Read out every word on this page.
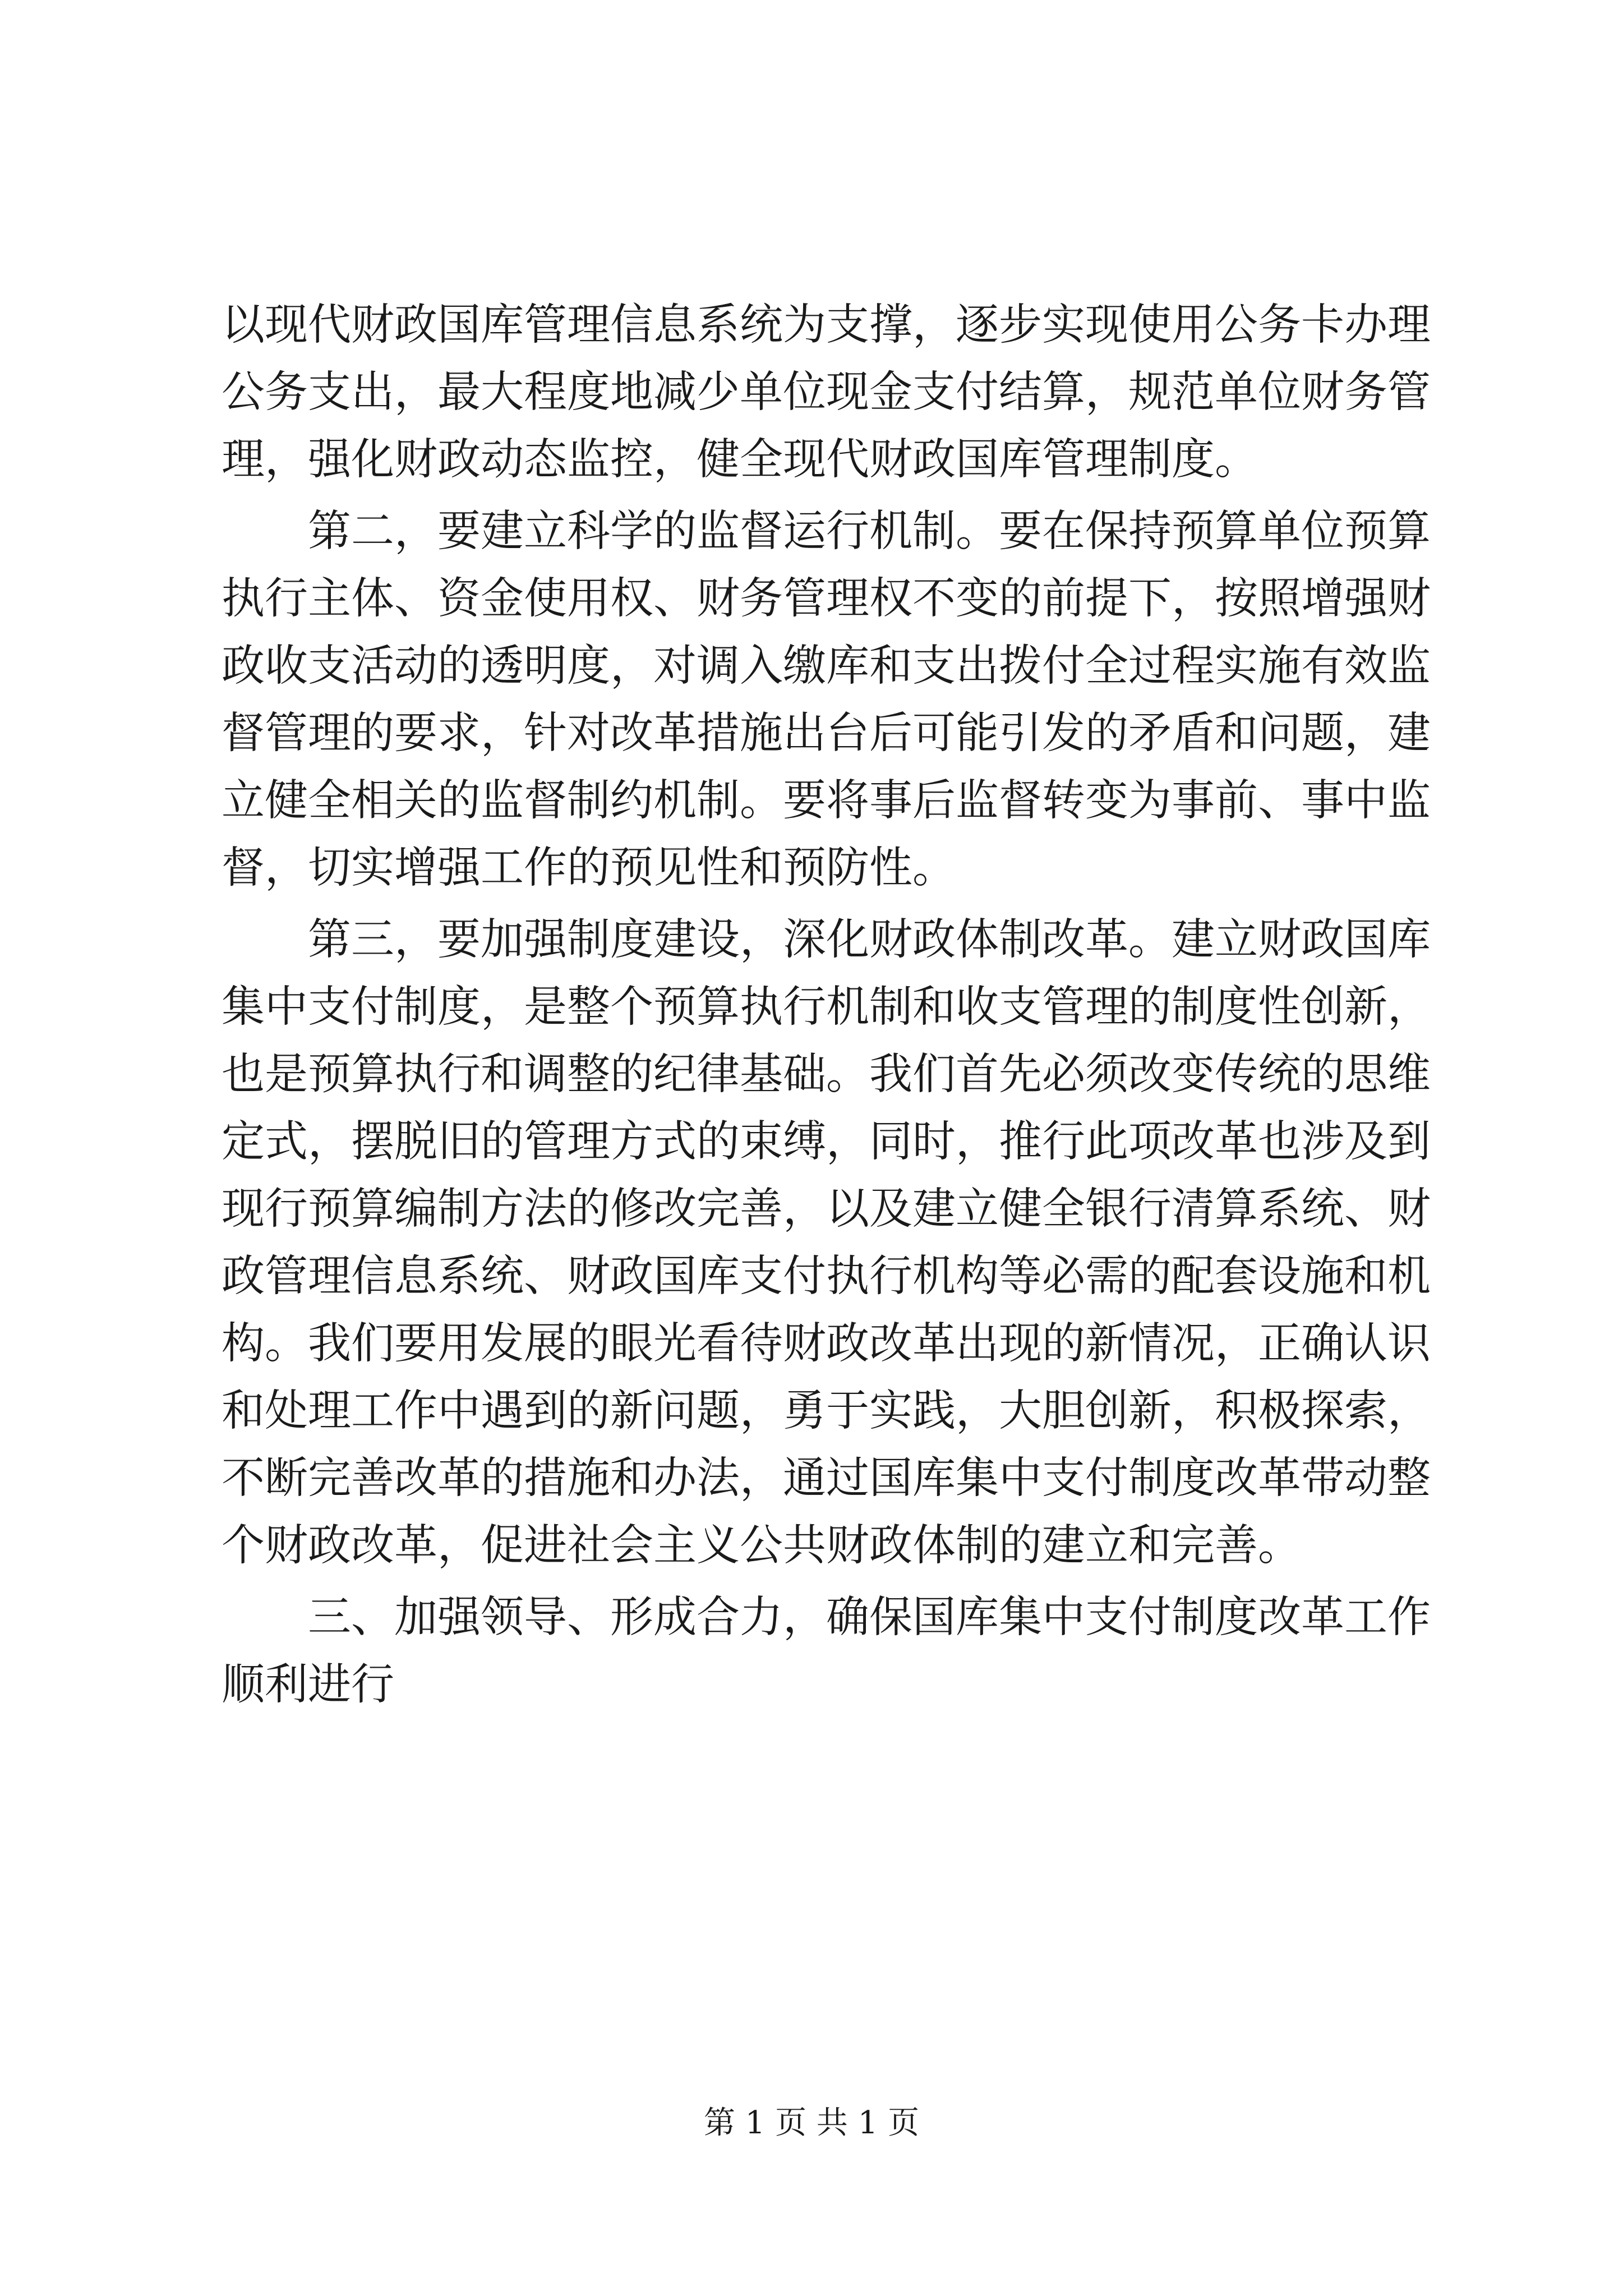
以现代财政国库管理信息系统为支撑，逐步实现使用公务卡办理
公务支出，最大程度地减少单位现金支付结算，规范单位财务管
理，强化财政动态监控，健全现代财政国库管理制度。
第二，要建立科学的监督运行机制。要在保持预算单位预算
执行主体、资金使用权、财务管理权不变的前提下，按照增强财
政收支活动的透明度，对调入缴库和支出拨付全过程实施有效监
督管理的要求，针对改革措施出台后可能引发的矛盾和问题，建
立健全相关的监督制约机制。要将事后监督转变为事前、事中监
督，切实增强工作的预见性和预防性。
第三，要加强制度建设，深化财政体制改革。建立财政国库
集中支付制度，是整个预算执行机制和收支管理的制度性创新，
也是预算执行和调整的纪律基础。我们首先必须改变传统的思维
定式，摆脱旧的管理方式的束缚，同时，推行此项改革也涉及到
现行预算编制方法的修改完善，以及建立健全银行清算系统、财
政管理信息系统、财政国库支付执行机构等必需的配套设施和机
构。我们要用发展的眼光看待财政改革出现的新情况，正确认识
和处理工作中遇到的新问题，勇于实践，大胆创新，积极探索，
不断完善改革的措施和办法，通过国库集中支付制度改革带动整
个财政改革，促进社会主义公共财政体制的建立和完善。
三、加强领导、形成合力，确保国库集中支付制度改革工作
顺利进行
第 1 页 共 1 页
